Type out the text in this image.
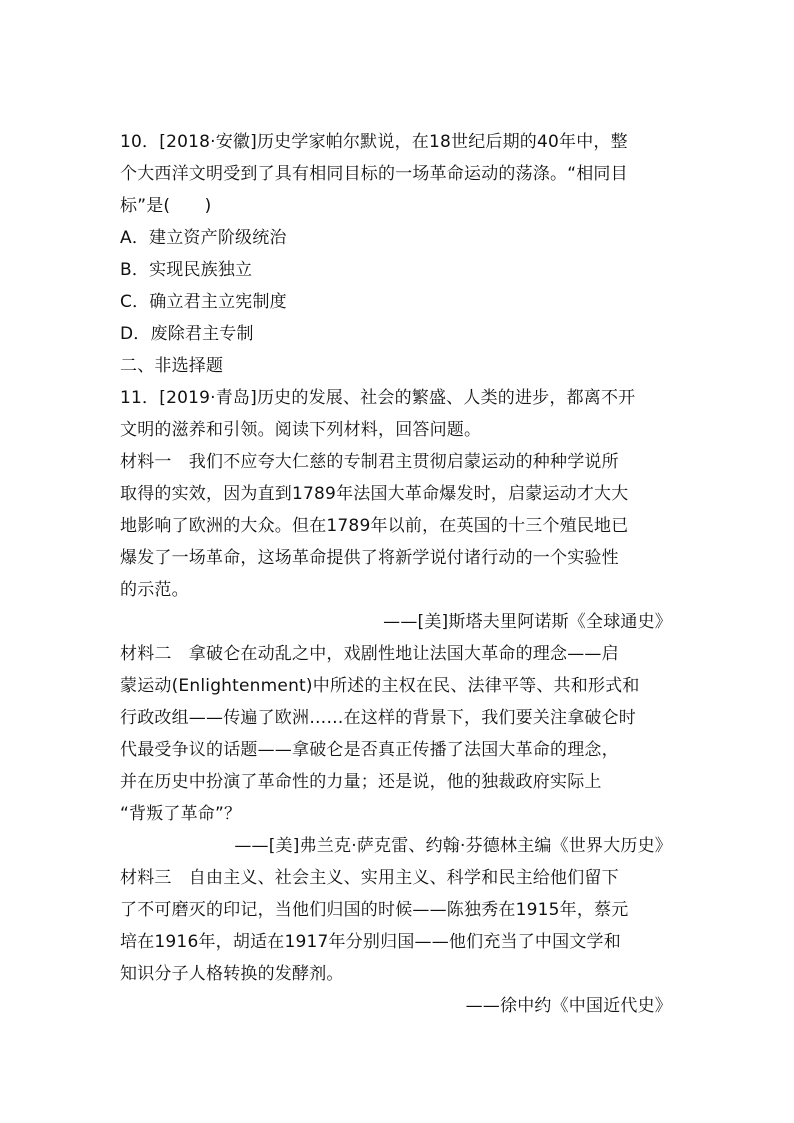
10．[2018·安徽]历史学家帕尔默说，在18世纪后期的40年中，整
个大西洋文明受到了具有相同目标的一场革命运动的荡涤。“相同目
标”是(　　)
A．建立资产阶级统治
B．实现民族独立
C．确立君主立宪制度
D．废除君主专制
二、非选择题
11．[2019·青岛]历史的发展、社会的繁盛、人类的进步，都离不开
文明的滋养和引领。阅读下列材料，回答问题。
材料一　我们不应夸大仁慈的专制君主贯彻启蒙运动的种种学说所
取得的实效，因为直到1789年法国大革命爆发时，启蒙运动才大大
地影响了欧洲的大众。但在1789年以前，在英国的十三个殖民地已
爆发了一场革命，这场革命提供了将新学说付诸行动的一个实验性
的示范。
——[美]斯塔夫里阿诺斯《全球通史》
材料二　拿破仑在动乱之中，戏剧性地让法国大革命的理念——启
蒙运动(Enlightenment)中所述的主权在民、法律平等、共和形式和
行政改组——传遍了欧洲……在这样的背景下，我们要关注拿破仑时
代最受争议的话题——拿破仑是否真正传播了法国大革命的理念，
并在历史中扮演了革命性的力量；还是说，他的独裁政府实际上
“背叛了革命”？
——[美]弗兰克·萨克雷、约翰·芬德林主编《世界大历史》
材料三　自由主义、社会主义、实用主义、科学和民主给他们留下
了不可磨灭的印记，当他们归国的时候——陈独秀在1915年，蔡元
培在1916年，胡适在1917年分别归国——他们充当了中国文学和
知识分子人格转换的发酵剂。
——徐中约《中国近代史》
